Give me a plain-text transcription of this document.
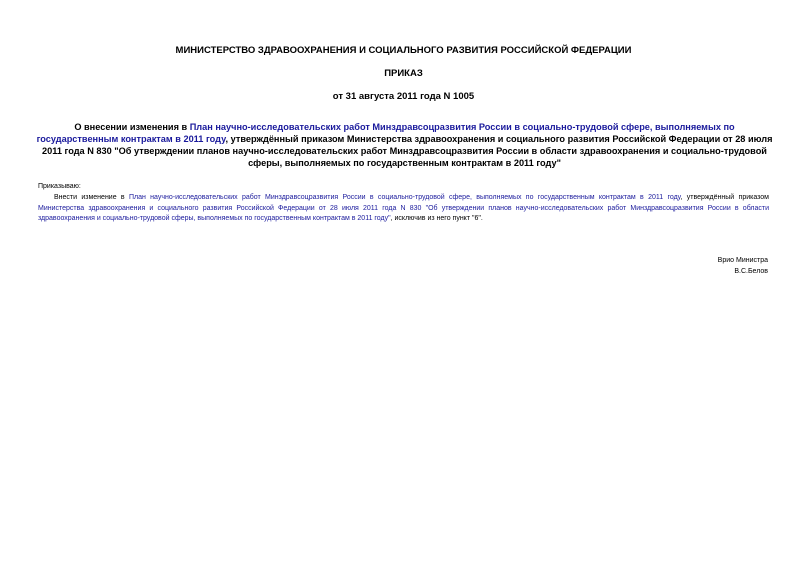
МИНИСТЕРСТВО ЗДРАВООХРАНЕНИЯ И СОЦИАЛЬНОГО РАЗВИТИЯ РОССИЙСКОЙ ФЕДЕРАЦИИ
ПРИКАЗ
от 31 августа 2011 года N 1005
О внесении изменения в План научно-исследовательских работ Минздравсоцразвития России в социально-трудовой сфере, выполняемых по государственным контрактам в 2011 году, утверждённый приказом Министерства здравоохранения и социального развития Российской Федерации от 28 июля 2011 года N 830 "Об утверждении планов научно-исследовательских работ Минздравсоцразвития России в области здравоохранения и социально-трудовой сферы, выполняемых по государственным контрактам в 2011 году"
Приказываю:
Внести изменение в План научно-исследовательских работ Минздравсоцразвития России в социально-трудовой сфере, выполняемых по государственным контрактам в 2011 году, утверждённый приказом Министерства здравоохранения и социального развития Российской Федерации от 28 июля 2011 года N 830 "Об утверждении планов научно-исследовательских работ Минздравсоцразвития России в области здравоохранения и социально-трудовой сферы, выполняемых по государственным контрактам в 2011 году", исключив из него пункт "6".
Врио Министра
В.С.Белов
